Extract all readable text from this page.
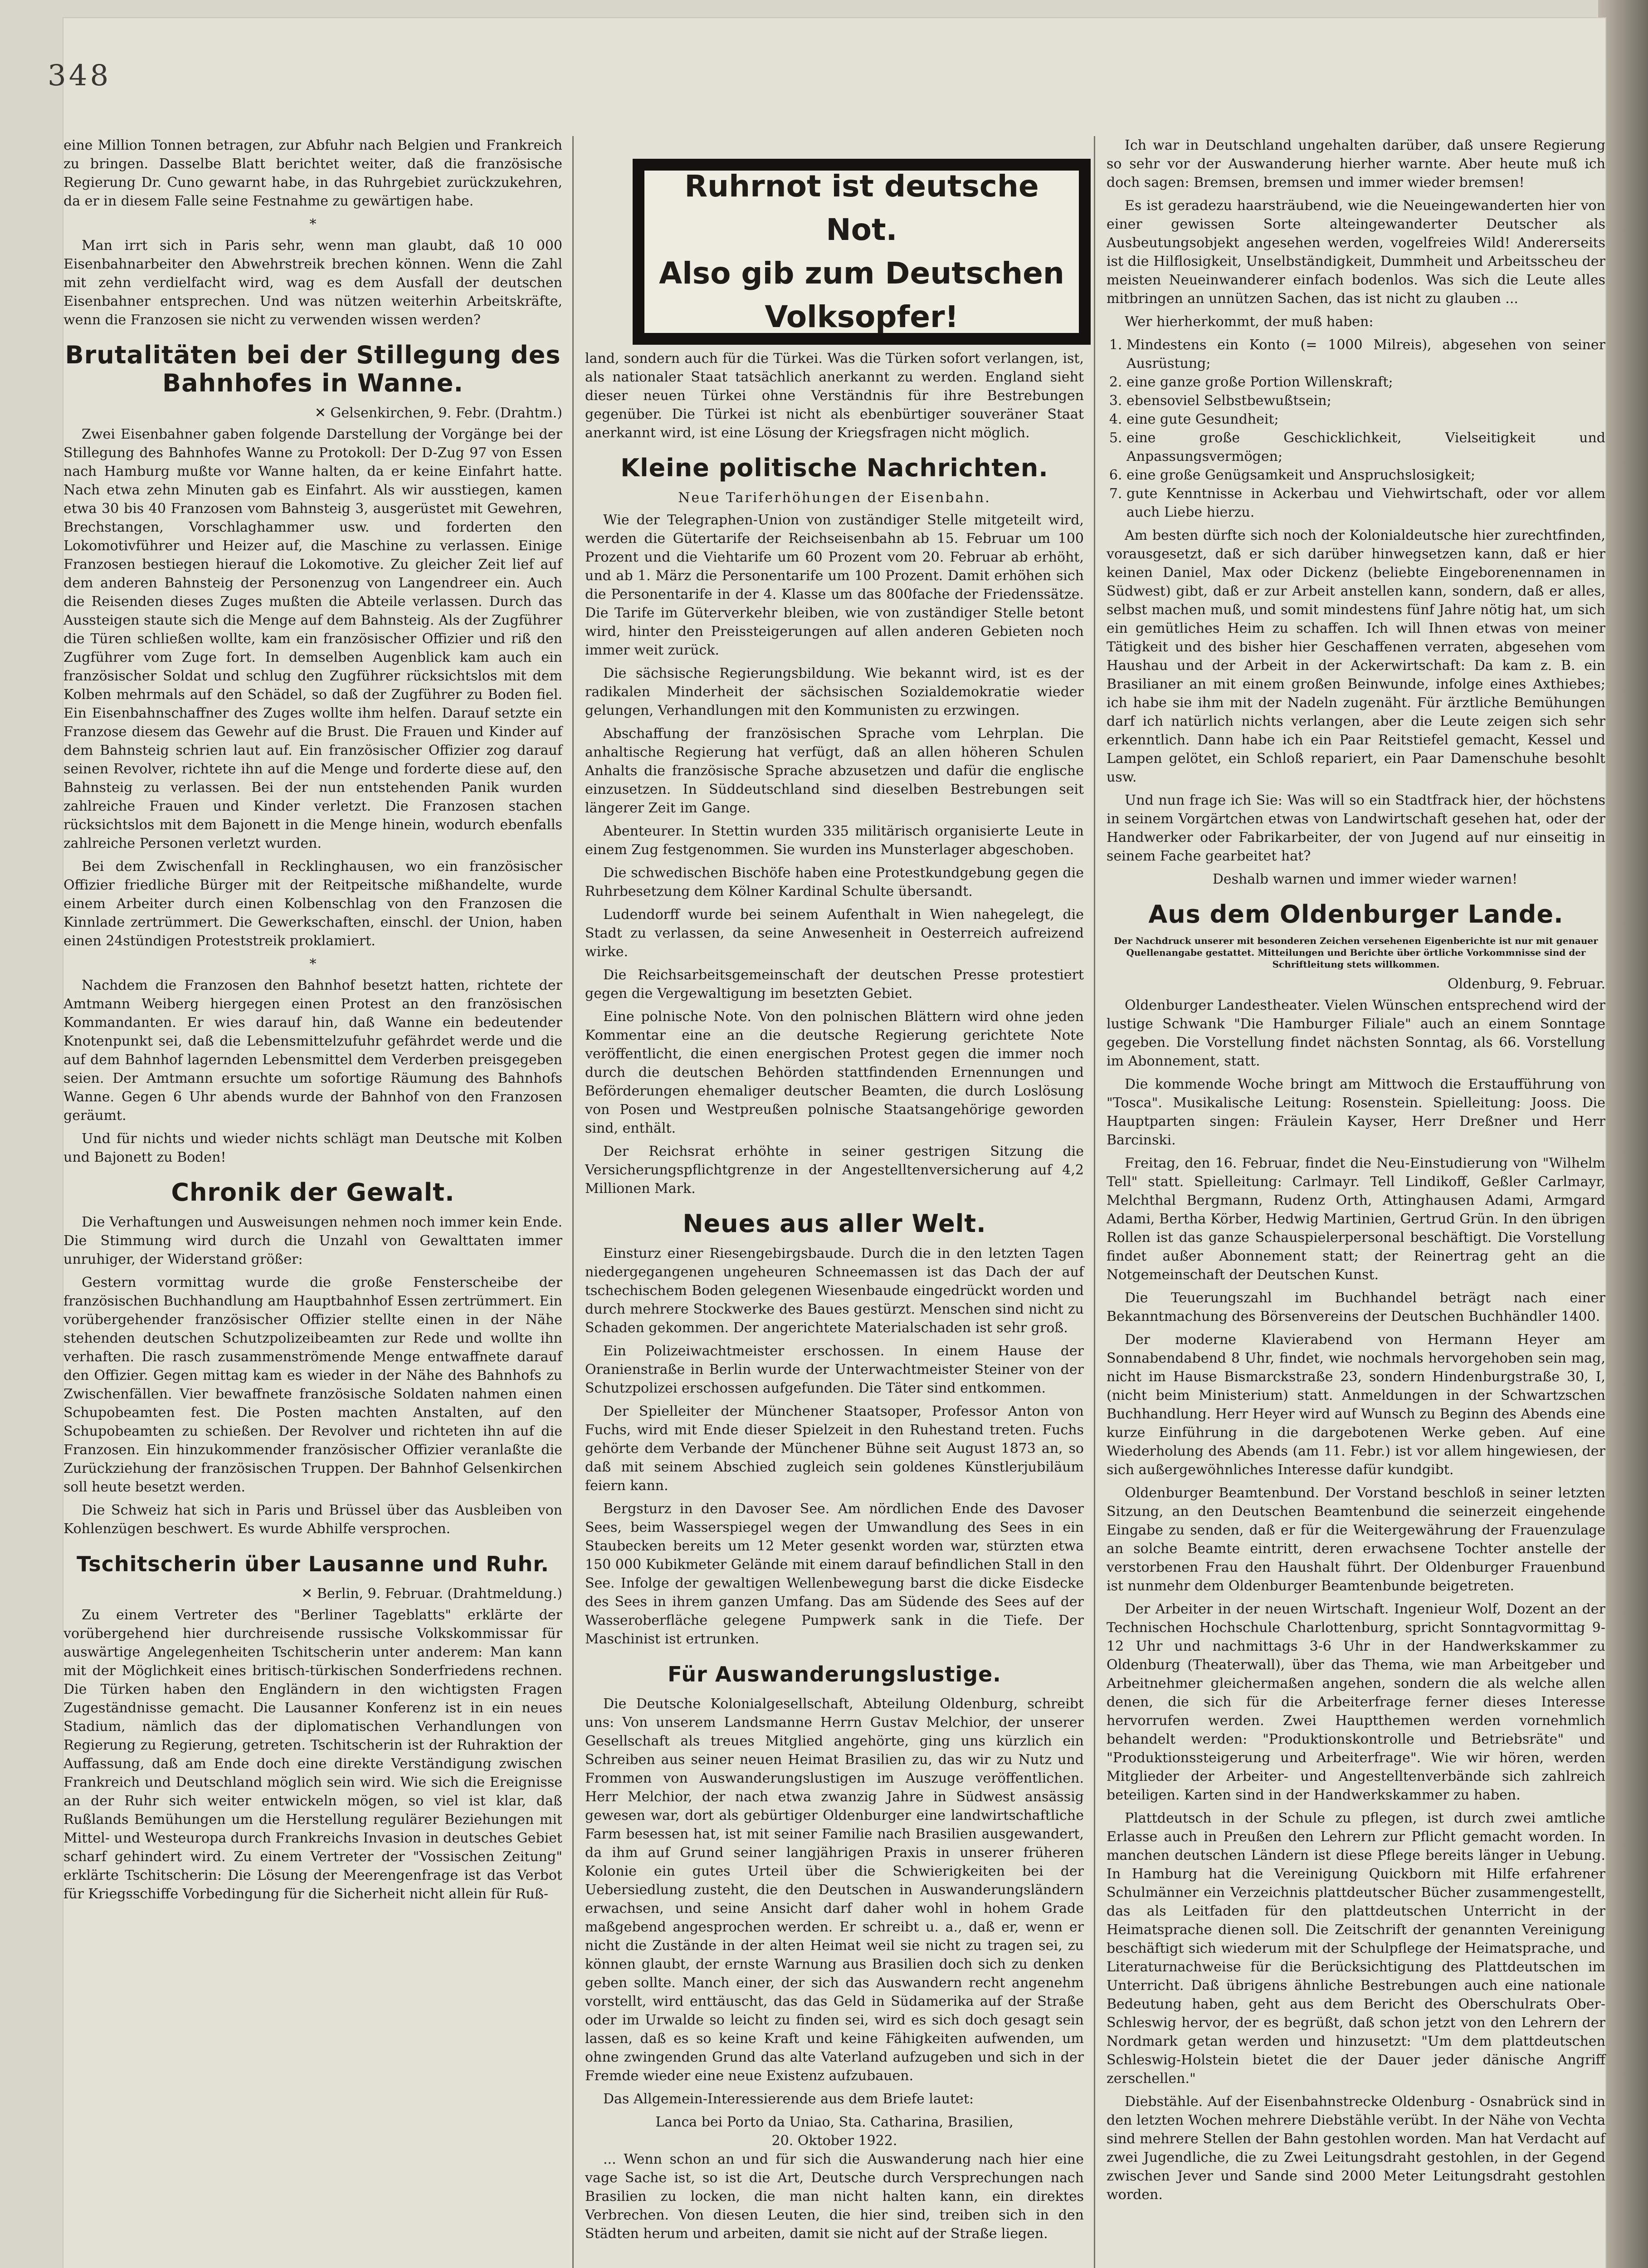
348

eine Million Tonnen betragen, zur Abfuhr nach Belgien und Frankreich zu bringen. Dasselbe Blatt berichtet weiter, daß die französische Regierung Dr. Cuno gewarnt habe, in das Ruhrgebiet zurückzukehren, da er in diesem Falle seine Festnahme zu gewärtigen habe.

*

Man irrt sich in Paris sehr, wenn man glaubt, daß 10 000 Eisenbahnarbeiter den Abwehrstreik brechen können. Wenn die Zahl mit zehn verdielfacht wird, wag es dem Ausfall der deutschen Eisenbahner entsprechen. Und was nützen weiterhin Arbeitskräfte, wenn die Franzosen sie nicht zu verwenden wissen werden?

Brutalitäten bei der Stillegung des Bahnhofes in Wanne.
✕ Gelsenkirchen, 9. Febr. (Drahtm.)

Zwei Eisenbahner gaben folgende Darstellung der Vorgänge bei der Stillegung des Bahnhofes Wanne zu Protokoll: Der D-Zug 97 von Essen nach Hamburg mußte vor Wanne halten, da er keine Einfahrt hatte. Nach etwa zehn Minuten gab es Einfahrt. Als wir ausstiegen, kamen etwa 30 bis 40 Franzosen vom Bahnsteig 3, ausgerüstet mit Gewehren, Brechstangen, Vorschlaghammer usw. und forderten den Lokomotivführer und Heizer auf, die Maschine zu verlassen. Einige Franzosen bestiegen hierauf die Lokomotive. Zu gleicher Zeit lief auf dem anderen Bahnsteig der Personenzug von Langendreer ein. Auch die Reisenden dieses Zuges mußten die Abteile verlassen. Durch das Aussteigen staute sich die Menge auf dem Bahnsteig. Als der Zugführer die Türen schließen wollte, kam ein französischer Offizier und riß den Zugführer vom Zuge fort. In demselben Augenblick kam auch ein französischer Soldat und schlug den Zugführer rücksichtslos mit dem Kolben mehrmals auf den Schädel, so daß der Zugführer zu Boden fiel. Ein Eisenbahnschaffner des Zuges wollte ihm helfen. Darauf setzte ein Franzose diesem das Gewehr auf die Brust. Die Frauen und Kinder auf dem Bahnsteig schrien laut auf. Ein französischer Offizier zog darauf seinen Revolver, richtete ihn auf die Menge und forderte diese auf, den Bahnsteig zu verlassen. Bei der nun entstehenden Panik wurden zahlreiche Frauen und Kinder verletzt. Die Franzosen stachen rücksichtslos mit dem Bajonett in die Menge hinein, wodurch ebenfalls zahlreiche Personen verletzt wurden.

Bei dem Zwischenfall in Recklinghausen, wo ein französischer Offizier friedliche Bürger mit der Reitpeitsche mißhandelte, wurde einem Arbeiter durch einen Kolbenschlag von den Franzosen die Kinnlade zertrümmert. Die Gewerkschaften, einschl. der Union, haben einen 24stündigen Proteststreik proklamiert.

*

Nachdem die Franzosen den Bahnhof besetzt hatten, richtete der Amtmann Weiberg hiergegen einen Protest an den französischen Kommandanten. Er wies darauf hin, daß Wanne ein bedeutender Knotenpunkt sei, daß die Lebensmittelzufuhr gefährdet werde und die auf dem Bahnhof lagernden Lebensmittel dem Verderben preisgegeben seien. Der Amtmann ersuchte um sofortige Räumung des Bahnhofs Wanne. Gegen 6 Uhr abends wurde der Bahnhof von den Franzosen geräumt.

Und für nichts und wieder nichts schlägt man Deutsche mit Kolben und Bajonett zu Boden!

Chronik der Gewalt.

Die Verhaftungen und Ausweisungen nehmen noch immer kein Ende. Die Stimmung wird durch die Unzahl von Gewalttaten immer unruhiger, der Widerstand größer:

Gestern vormittag wurde die große Fensterscheibe der französischen Buchhandlung am Hauptbahnhof Essen zertrümmert. Ein vorübergehender französischer Offizier stellte einen in der Nähe stehenden deutschen Schutzpolizeibeamten zur Rede und wollte ihn verhaften. Die rasch zusammenströmende Menge entwaffnete darauf den Offizier. Gegen mittag kam es wieder in der Nähe des Bahnhofs zu Zwischenfällen. Vier bewaffnete französische Soldaten nahmen einen Schupobeamten fest. Die Posten machten Anstalten, auf den Schupobeamten zu schießen. Der Revolver und richteten ihn auf die Franzosen. Ein hinzukommender französischer Offizier veranlaßte die Zurückziehung der französischen Truppen. Der Bahnhof Gelsenkirchen soll heute besetzt werden.

Die Schweiz hat sich in Paris und Brüssel über das Ausbleiben von Kohlenzügen beschwert. Es wurde Abhilfe versprochen.

Tschitscherin über Lausanne und Ruhr.
✕ Berlin, 9. Februar. (Drahtmeldung.)

Zu einem Vertreter des "Berliner Tageblatts" erklärte der vorübergehend hier durchreisende russische Volkskommissar für auswärtige Angelegenheiten Tschitscherin unter anderem: Man kann mit der Möglichkeit eines britisch-türkischen Sonderfriedens rechnen. Die Türken haben den Engländern in den wichtigsten Fragen Zugeständnisse gemacht. Die Lausanner Konferenz ist in ein neues Stadium, nämlich das der diplomatischen Verhandlungen von Regierung zu Regierung, getreten. Tschitscherin ist der Ruhraktion der Auffassung, daß am Ende doch eine direkte Verständigung zwischen Frankreich und Deutschland möglich sein wird. Wie sich die Ereignisse an der Ruhr sich weiter entwickeln mögen, so viel ist klar, daß Rußlands Bemühungen um die Herstellung regulärer Beziehungen mit Mittel- und Westeuropa durch Frankreichs Invasion in deutsches Gebiet scharf gehindert wird. Zu einem Vertreter der "Vossischen Zeitung" erklärte Tschitscherin: Die Lösung der Meerengenfrage ist das Verbot für Kriegsschiffe Vorbedingung für die Sicherheit nicht allein für Ruß-

Ruhrnot ist deutsche Not.
Also gib zum Deutschen Volksopfer!

land, sondern auch für die Türkei. Was die Türken sofort verlangen, ist, als nationaler Staat tatsächlich anerkannt zu werden. England sieht dieser neuen Türkei ohne Verständnis für ihre Bestrebungen gegenüber. Die Türkei ist nicht als ebenbürtiger souveräner Staat anerkannt wird, ist eine Lösung der Kriegsfragen nicht möglich.

Kleine politische Nachrichten.
Neue Tariferhöhungen der Eisenbahn.

Wie der Telegraphen-Union von zuständiger Stelle mitgeteilt wird, werden die Gütertarife der Reichseisenbahn ab 15. Februar um 100 Prozent und die Viehtarife um 60 Prozent vom 20. Februar ab erhöht, und ab 1. März die Personentarife um 100 Prozent. Damit erhöhen sich die Personentarife in der 4. Klasse um das 800fache der Friedenssätze. Die Tarife im Güterverkehr bleiben, wie von zuständiger Stelle betont wird, hinter den Preissteigerungen auf allen anderen Gebieten noch immer weit zurück.

Die sächsische Regierungsbildung. Wie bekannt wird, ist es der radikalen Minderheit der sächsischen Sozialdemokratie wieder gelungen, Verhandlungen mit den Kommunisten zu erzwingen.

Abschaffung der französischen Sprache vom Lehrplan. Die anhaltische Regierung hat verfügt, daß an allen höheren Schulen Anhalts die französische Sprache abzusetzen und dafür die englische einzusetzen. In Süddeutschland sind dieselben Bestrebungen seit längerer Zeit im Gange.

Abenteurer. In Stettin wurden 335 militärisch organisierte Leute in einem Zug festgenommen. Sie wurden ins Munsterlager abgeschoben.

Die schwedischen Bischöfe haben eine Protestkundgebung gegen die Ruhrbesetzung dem Kölner Kardinal Schulte übersandt.

Ludendorff wurde bei seinem Aufenthalt in Wien nahegelegt, die Stadt zu verlassen, da seine Anwesenheit in Oesterreich aufreizend wirke.

Die Reichsarbeitsgemeinschaft der deutschen Presse protestiert gegen die Vergewaltigung im besetzten Gebiet.

Eine polnische Note. Von den polnischen Blättern wird ohne jeden Kommentar eine an die deutsche Regierung gerichtete Note veröffentlicht, die einen energischen Protest gegen die immer noch durch die deutschen Behörden stattfindenden Ernennungen und Beförderungen ehemaliger deutscher Beamten, die durch Loslösung von Posen und Westpreußen polnische Staatsangehörige geworden sind, enthält.

Der Reichsrat erhöhte in seiner gestrigen Sitzung die Versicherungspflichtgrenze in der Angestelltenversicherung auf 4,2 Millionen Mark.

Neues aus aller Welt.

Einsturz einer Riesengebirgsbaude. Durch die in den letzten Tagen niedergegangenen ungeheuren Schneemassen ist das Dach der auf tschechischem Boden gelegenen Wiesenbaude eingedrückt worden und durch mehrere Stockwerke des Baues gestürzt. Menschen sind nicht zu Schaden gekommen. Der angerichtete Materialschaden ist sehr groß.

Ein Polizeiwachtmeister erschossen. In einem Hause der Oranienstraße in Berlin wurde der Unterwachtmeister Steiner von der Schutzpolizei erschossen aufgefunden. Die Täter sind entkommen.

Der Spielleiter der Münchener Staatsoper, Professor Anton von Fuchs, wird mit Ende dieser Spielzeit in den Ruhestand treten. Fuchs gehörte dem Verbande der Münchener Bühne seit August 1873 an, so daß mit seinem Abschied zugleich sein goldenes Künstlerjubiläum feiern kann.

Bergsturz in den Davoser See. Am nördlichen Ende des Davoser Sees, beim Wasserspiegel wegen der Umwandlung des Sees in ein Staubecken bereits um 12 Meter gesenkt worden war, stürzten etwa 150 000 Kubikmeter Gelände mit einem darauf befindlichen Stall in den See. Infolge der gewaltigen Wellenbewegung barst die dicke Eisdecke des Sees in ihrem ganzen Umfang. Das am Südende des Sees auf der Wasseroberfläche gelegene Pumpwerk sank in die Tiefe. Der Maschinist ist ertrunken.

Für Auswanderungslustige.

Die Deutsche Kolonialgesellschaft, Abteilung Oldenburg, schreibt uns: Von unserem Landsmanne Herrn Gustav Melchior, der unserer Gesellschaft als treues Mitglied angehörte, ging uns kürzlich ein Schreiben aus seiner neuen Heimat Brasilien zu, das wir zu Nutz und Frommen von Auswanderungslustigen im Auszuge veröffentlichen. Herr Melchior, der nach etwa zwanzig Jahre in Südwest ansässig gewesen war, dort als gebürtiger Oldenburger eine landwirtschaftliche Farm besessen hat, ist mit seiner Familie nach Brasilien ausgewandert, da ihm auf Grund seiner langjährigen Praxis in unserer früheren Kolonie ein gutes Urteil über die Schwierigkeiten bei der Uebersiedlung zusteht, die den Deutschen in Auswanderungsländern erwachsen, und seine Ansicht darf daher wohl in hohem Grade maßgebend angesprochen werden. Er schreibt u. a., daß er, wenn er nicht die Zustände in der alten Heimat weil sie nicht zu tragen sei, zu können glaubt, der ernste Warnung aus Brasilien doch sich zu denken geben sollte. Manch einer, der sich das Auswandern recht angenehm vorstellt, wird enttäuscht, das das Geld in Südamerika auf der Straße oder im Urwalde so leicht zu finden sei, wird es sich doch gesagt sein lassen, daß es so keine Kraft und keine Fähigkeiten aufwenden, um ohne zwingenden Grund das alte Vaterland aufzugeben und sich in der Fremde wieder eine neue Existenz aufzubauen.

Das Allgemein-Interessierende aus dem Briefe lautet:

Lanca bei Porto da Uniao, Sta. Catharina, Brasilien,
20. Oktober 1922.

... Wenn schon an und für sich die Auswanderung nach hier eine vage Sache ist, so ist die Art, Deutsche durch Versprechungen nach Brasilien zu locken, die man nicht halten kann, ein direktes Verbrechen. Von diesen Leuten, die hier sind, treiben sich in den Städten herum und arbeiten, damit sie nicht auf der Straße liegen.

Ich war in Deutschland ungehalten darüber, daß unsere Regierung so sehr vor der Auswanderung hierher warnte. Aber heute muß ich doch sagen: Bremsen, bremsen und immer wieder bremsen!

Es ist geradezu haarsträubend, wie die Neueingewanderten hier von einer gewissen Sorte alteingewanderter Deutscher als Ausbeutungsobjekt angesehen werden, vogelfreies Wild! Andererseits ist die Hilflosigkeit, Unselbständigkeit, Dummheit und Arbeitsscheu der meisten Neueinwanderer einfach bodenlos. Was sich die Leute alles mitbringen an unnützen Sachen, das ist nicht zu glauben ...

Wer hierherkommt, der muß haben:

1. Mindestens ein Konto (= 1000 Milreis), abgesehen von seiner Ausrüstung;
2. eine ganze große Portion Willenskraft;
3. ebensoviel Selbstbewußtsein;
4. eine gute Gesundheit;
5. eine große Geschicklichkeit, Vielseitigkeit und Anpassungsvermögen;
6. eine große Genügsamkeit und Anspruchslosigkeit;
7. gute Kenntnisse in Ackerbau und Viehwirtschaft, oder vor allem auch Liebe hierzu.

Am besten dürfte sich noch der Kolonialdeutsche hier zurechtfinden, vorausgesetzt, daß er sich darüber hinwegsetzen kann, daß er hier keinen Daniel, Max oder Dickenz (beliebte Eingeborenennamen in Südwest) gibt, daß er zur Arbeit anstellen kann, sondern, daß er alles, selbst machen muß, und somit mindestens fünf Jahre nötig hat, um sich ein gemütliches Heim zu schaffen. Ich will Ihnen etwas von meiner Tätigkeit und des bisher hier Geschaffenen verraten, abgesehen vom Haushau und der Arbeit in der Ackerwirtschaft: Da kam z. B. ein Brasilianer an mit einem großen Beinwunde, infolge eines Axthiebes; ich habe sie ihm mit der Nadeln zugenäht. Für ärztliche Bemühungen darf ich natürlich nichts verlangen, aber die Leute zeigen sich sehr erkenntlich. Dann habe ich ein Paar Reitstiefel gemacht, Kessel und Lampen gelötet, ein Schloß repariert, ein Paar Damenschuhe besohlt usw.

Und nun frage ich Sie: Was will so ein Stadtfrack hier, der höchstens in seinem Vorgärtchen etwas von Landwirtschaft gesehen hat, oder der Handwerker oder Fabrikarbeiter, der von Jugend auf nur einseitig in seinem Fache gearbeitet hat?

Deshalb warnen und immer wieder warnen!

Aus dem Oldenburger Lande.
Der Nachdruck unserer mit besonderen Zeichen versehenen Eigenberichte ist nur mit genauer Quellenangabe gestattet. Mitteilungen und Berichte über örtliche Vorkommnisse sind der Schriftleitung stets willkommen.
Oldenburg, 9. Februar.

Oldenburger Landestheater. Vielen Wünschen entsprechend wird der lustige Schwank "Die Hamburger Filiale" auch an einem Sonntage gegeben. Die Vorstellung findet nächsten Sonntag, als 66. Vorstellung im Abonnement, statt.

Die kommende Woche bringt am Mittwoch die Erstaufführung von "Tosca". Musikalische Leitung: Rosenstein. Spielleitung: Jooss. Die Hauptparten singen: Fräulein Kayser, Herr Dreßner und Herr Barcinski.

Freitag, den 16. Februar, findet die Neu-Einstudierung von "Wilhelm Tell" statt. Spielleitung: Carlmayr. Tell Lindikoff, Geßler Carlmayr, Melchthal Bergmann, Rudenz Orth, Attinghausen Adami, Armgard Adami, Bertha Körber, Hedwig Martinien, Gertrud Grün. In den übrigen Rollen ist das ganze Schauspielerpersonal beschäftigt. Die Vorstellung findet außer Abonnement statt; der Reinertrag geht an die Notgemeinschaft der Deutschen Kunst.

Die Teuerungszahl im Buchhandel beträgt nach einer Bekanntmachung des Börsenvereins der Deutschen Buchhändler 1400.

Der moderne Klavierabend von Hermann Heyer am Sonnabendabend 8 Uhr, findet, wie nochmals hervorgehoben sein mag, nicht im Hause Bismarckstraße 23, sondern Hindenburgstraße 30, I, (nicht beim Ministerium) statt. Anmeldungen in der Schwartzschen Buchhandlung. Herr Heyer wird auf Wunsch zu Beginn des Abends eine kurze Einführung in die dargebotenen Werke geben. Auf eine Wiederholung des Abends (am 11. Febr.) ist vor allem hingewiesen, der sich außergewöhnliches Interesse dafür kundgibt.

Oldenburger Beamtenbund. Der Vorstand beschloß in seiner letzten Sitzung, an den Deutschen Beamtenbund die seinerzeit eingehende Eingabe zu senden, daß er für die Weitergewährung der Frauenzulage an solche Beamte eintritt, deren erwachsene Tochter anstelle der verstorbenen Frau den Haushalt führt. Der Oldenburger Frauenbund ist nunmehr dem Oldenburger Beamtenbunde beigetreten.

Der Arbeiter in der neuen Wirtschaft. Ingenieur Wolf, Dozent an der Technischen Hochschule Charlottenburg, spricht Sonntagvormittag 9-12 Uhr und nachmittags 3-6 Uhr in der Handwerkskammer zu Oldenburg (Theaterwall), über das Thema, wie man Arbeitgeber und Arbeitnehmer gleichermaßen angehen, sondern die als welche allen denen, die sich für die Arbeiterfrage ferner dieses Interesse hervorrufen werden. Zwei Hauptthemen werden vornehmlich behandelt werden: "Produktionskontrolle und Betriebsräte" und "Produktionssteigerung und Arbeiterfrage". Wie wir hören, werden Mitglieder der Arbeiter- und Angestelltenverbände sich zahlreich beteiligen. Karten sind in der Handwerkskammer zu haben.

Plattdeutsch in der Schule zu pflegen, ist durch zwei amtliche Erlasse auch in Preußen den Lehrern zur Pflicht gemacht worden. In manchen deutschen Ländern ist diese Pflege bereits länger in Uebung. In Hamburg hat die Vereinigung Quickborn mit Hilfe erfahrener Schulmänner ein Verzeichnis plattdeutscher Bücher zusammengestellt, das als Leitfaden für den plattdeutschen Unterricht in der Heimatsprache dienen soll. Die Zeitschrift der genannten Vereinigung beschäftigt sich wiederum mit der Schulpflege der Heimatsprache, und Literaturnachweise für die Berücksichtigung des Plattdeutschen im Unterricht. Daß übrigens ähnliche Bestrebungen auch eine nationale Bedeutung haben, geht aus dem Bericht des Oberschulrats Ober-Schleswig hervor, der es begrüßt, daß schon jetzt von den Lehrern der Nordmark getan werden und hinzusetzt: "Um dem plattdeutschen Schleswig-Holstein bietet die der Dauer jeder dänische Angriff zerschellen."

Diebstähle. Auf der Eisenbahnstrecke Oldenburg - Osnabrück sind in den letzten Wochen mehrere Diebstähle verübt. In der Nähe von Vechta sind mehrere Stellen der Bahn gestohlen worden. Man hat Verdacht auf zwei Jugendliche, die zu Zwei Leitungsdraht gestohlen, in der Gegend zwischen Jever und Sande sind 2000 Meter Leitungsdraht gestohlen worden.
